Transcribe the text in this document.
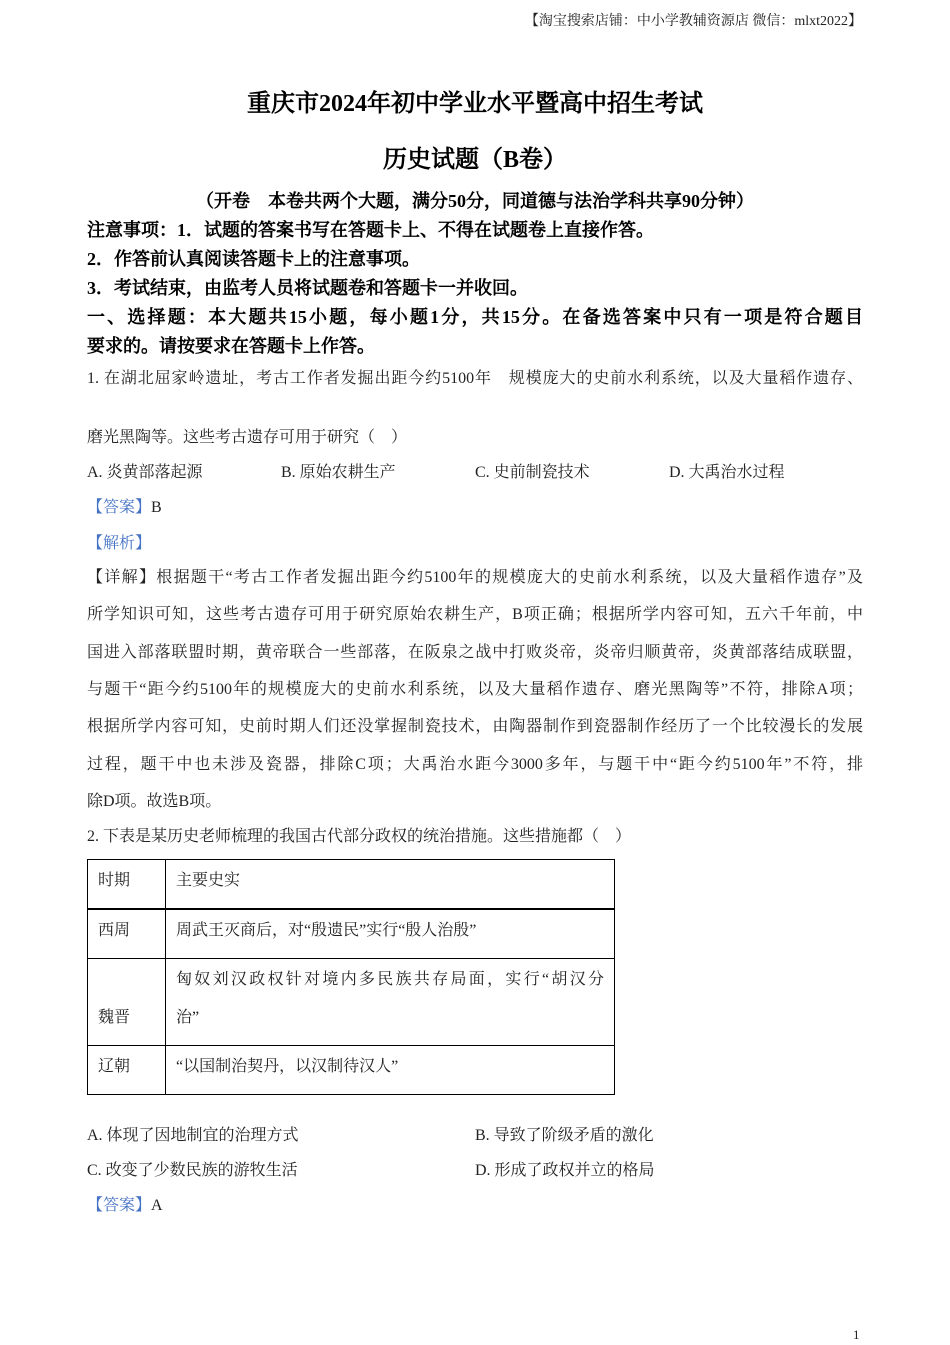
【淘宝搜索店铺：中小学教辅资源店 微信：mlxt2022】
重庆市2024年初中学业水平暨高中招生考试
历史试题（B卷）
（开卷　本卷共两个大题，满分50分，同道德与法治学科共享90分钟）
注意事项：1．试题的答案书写在答题卡上、不得在试题卷上直接作答。
2．作答前认真阅读答题卡上的注意事项。
3．考试结束，由监考人员将试题卷和答题卡一并收回。
一、选择题：本大题共15小题，每小题1分，共15分。在备选答案中只有一项是符合题目
要求的。请按要求在答题卡上作答。
1. 在湖北屈家岭遗址，考古工作者发掘出距今约5100年　规模庞大的史前水利系统，以及大量稻作遗存、
磨光黑陶等。这些考古遗存可用于研究（　）
A. 炎黄部落起源	B. 原始农耕生产	C. 史前制瓷技术	D. 大禹治水过程
【答案】B
【解析】
【详解】根据题干“考古工作者发掘出距今约5100年的规模庞大的史前水利系统，以及大量稻作遗存”及
所学知识可知，这些考古遗存可用于研究原始农耕生产，B项正确；根据所学内容可知，五六千年前，中
国进入部落联盟时期，黄帝联合一些部落，在阪泉之战中打败炎帝，炎帝归顺黄帝，炎黄部落结成联盟，
与题干“距今约5100年的规模庞大的史前水利系统，以及大量稻作遗存、磨光黑陶等”不符，排除A项；
根据所学内容可知，史前时期人们还没掌握制瓷技术，由陶器制作到瓷器制作经历了一个比较漫长的发展
过程，题干中也未涉及瓷器，排除C项；大禹治水距今3000多年，与题干中“距今约5100年”不符，排
除D项。故选B项。
2. 下表是某历史老师梳理的我国古代部分政权的统治措施。这些措施都（　）
时期	主要史实
西周	周武王灭商后，对“殷遗民”实行“殷人治殷”

魏晋	匈奴刘汉政权针对境内多民族共存局面，实行“胡汉分
治”

辽朝	“以国制治契丹，以汉制待汉人”
A. 体现了因地制宜的治理方式	B. 导致了阶级矛盾的激化
C. 改变了少数民族的游牧生活	D. 形成了政权并立的格局
【答案】A
1
